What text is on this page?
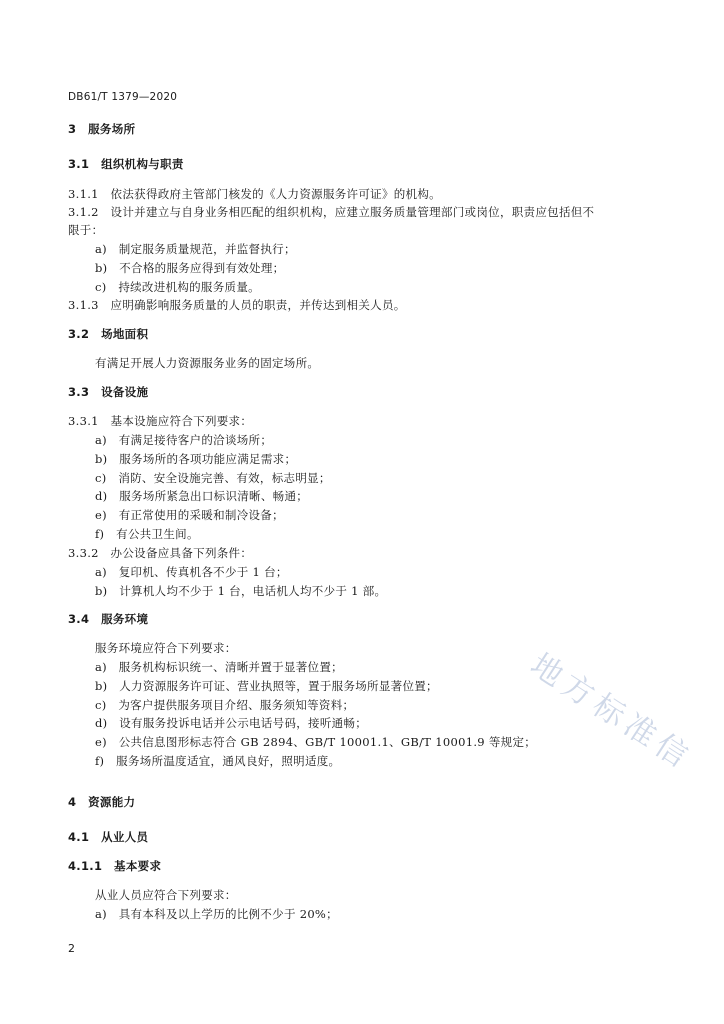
DB61/T 1379—2020
3　服务场所
3.1　组织机构与职责
3.1.1　依法获得政府主管部门核发的《人力资源服务许可证》的机构。
3.1.2　设计并建立与自身业务相匹配的组织机构，应建立服务质量管理部门或岗位，职责应包括但不
限于：
a)　制定服务质量规范，并监督执行；
b)　不合格的服务应得到有效处理；
c)　持续改进机构的服务质量。
3.1.3　应明确影响服务质量的人员的职责，并传达到相关人员。
3.2　场地面积
有满足开展人力资源服务业务的固定场所。
3.3　设备设施
3.3.1　基本设施应符合下列要求：
a)　有满足接待客户的洽谈场所；
b)　服务场所的各项功能应满足需求；
c)　消防、安全设施完善、有效，标志明显；
d)　服务场所紧急出口标识清晰、畅通；
e)　有正常使用的采暖和制冷设备；
f)　有公共卫生间。
3.3.2　办公设备应具备下列条件：
a)　复印机、传真机各不少于 1 台；
b)　计算机人均不少于 1 台，电话机人均不少于 1 部。
3.4　服务环境
服务环境应符合下列要求：
a)　服务机构标识统一、清晰并置于显著位置；
b)　人力资源服务许可证、营业执照等，置于服务场所显著位置；
c)　为客户提供服务项目介绍、服务须知等资料；
d)　设有服务投诉电话并公示电话号码，接听通畅；
e)　公共信息图形标志符合 GB 2894、GB/T 10001.1、GB/T 10001.9 等规定；
f)　服务场所温度适宜，通风良好，照明适度。
4　资源能力
4.1　从业人员
4.1.1　基本要求
从业人员应符合下列要求：
a)　具有本科及以上学历的比例不少于 20%；
2
地方标准信
